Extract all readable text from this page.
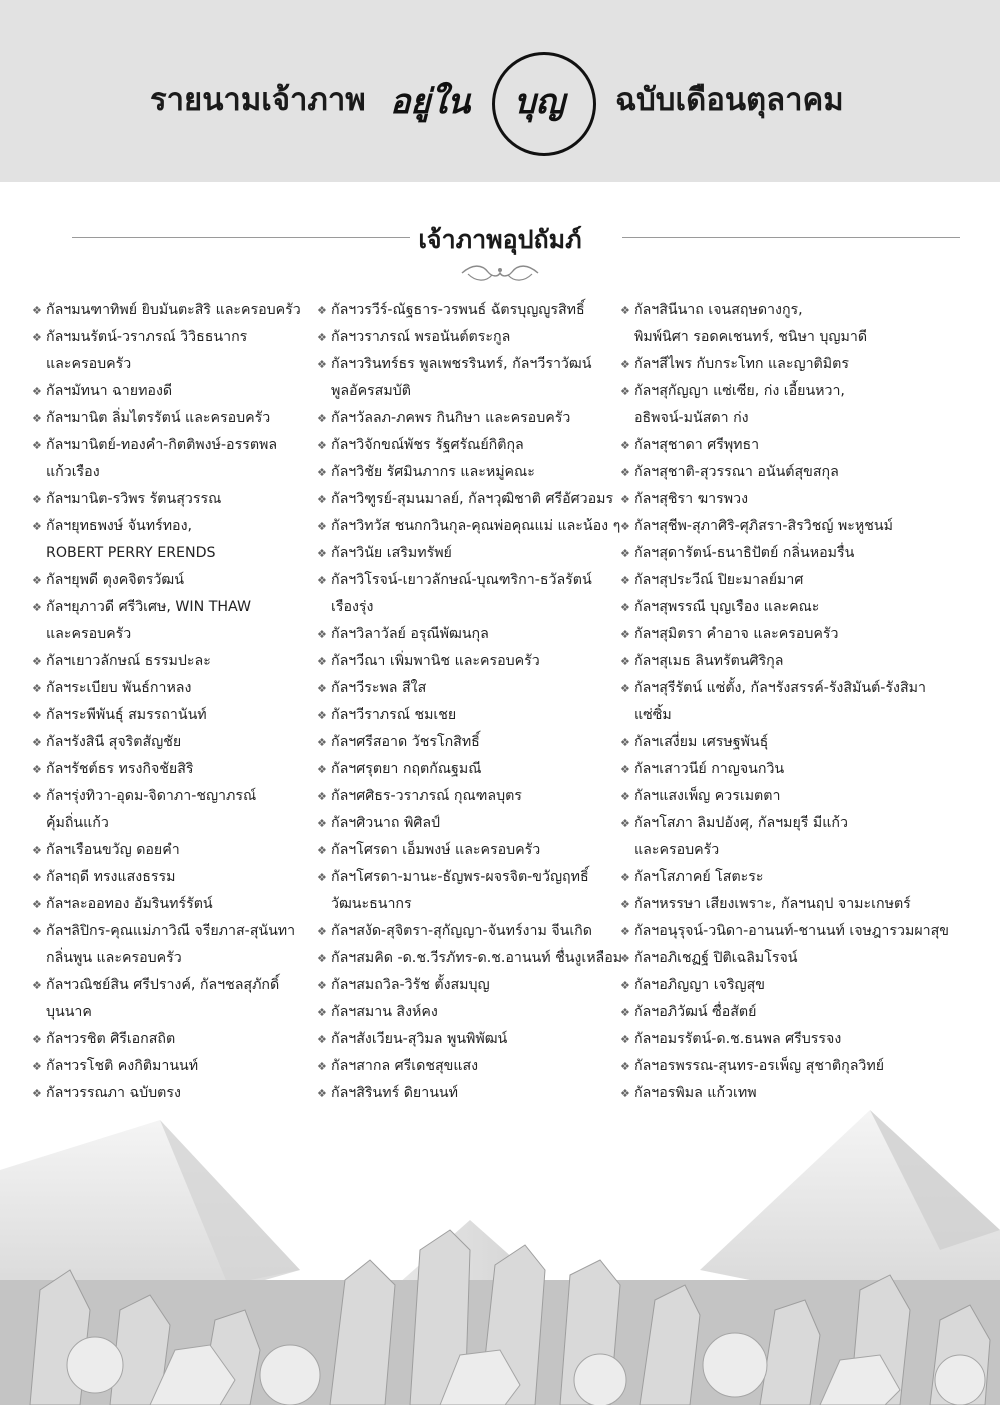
รายนามเจ้าภาพ อยู่ใน บุญ ฉบับเดือนตุลาคม
เจ้าภาพอุปถัมภ์
❖ กัลฯมนฑาทิพย์ ยิบมันตะสิริ และครอบครัว
❖ กัลฯมนรัตน์-วราภรณ์ วิวิธธนากร
และครอบครัว
❖ กัลฯมัทนา ฉายทองดี
❖ กัลฯมานิต ลิ่มไตรรัตน์ และครอบครัว
❖ กัลฯมานิตย์-ทองคำ-กิตติพงษ์-อรรตพล
แก้วเรือง
❖ กัลฯมานิต-รวิพร รัตนสุวรรณ
❖ กัลฯยุทธพงษ์ จันทร์ทอง,
ROBERT PERRY ERENDS
❖ กัลฯยุพดี ตุงคจิตรวัฒน์
❖ กัลฯยุภาวดี ศรีวิเศษ, WIN THAW
และครอบครัว
❖ กัลฯเยาวลักษณ์ ธรรมปะละ
❖ กัลฯระเบียบ พันธ์กาหลง
❖ กัลฯระพีพันธุ์ สมรรถานันท์
❖ กัลฯรังสินี สุจริตสัญชัย
❖ กัลฯรัชต์ธร ทรงกิจชัยสิริ
❖ กัลฯรุ่งทิวา-อุดม-จิดาภา-ชญาภรณ์
คุ้มถิ่นแก้ว
❖ กัลฯเรือนขวัญ ดอยคำ
❖ กัลฯฤดี ทรงแสงธรรม
❖ กัลฯละออทอง อัมรินทร์รัตน์
❖ กัลฯลิปิกร-คุณแม่ภาวิณี จรียภาส-สุนันทา
กลิ่นพูน และครอบครัว
❖ กัลฯวณิชย์สิน ศรีปรางค์, กัลฯชลสุภักดิ์
บุนนาค
❖ กัลฯวรชิต ศิรีเอกสถิต
❖ กัลฯวรโชติ คงกิติมานนท์
❖ กัลฯวรรณภา ฉบับตรง
❖ กัลฯวรวีร์-ณัฐธาร-วรพนธ์ ฉัตรบุญญูรสิทธิ์
❖ กัลฯวราภรณ์ พรอนันต์ตระกูล
❖ กัลฯวรินทร์ธร พูลเพชรรินทร์, กัลฯวีราวัฒน์
พูลอัครสมบัติ
❖ กัลฯวัลลภ-ภคพร กินกิษา และครอบครัว
❖ กัลฯวิจักขณ์พัชร รัฐศรัณย์กิติกุล
❖ กัลฯวิชัย รัศมินภากร และหมู่คณะ
❖ กัลฯวิฑูรย์-สุมนมาลย์, กัลฯวุฒิชาติ ศรีอัศวอมร
❖ กัลฯวิทวัส ชนกกวินกุล-คุณพ่อคุณแม่ และน้อง ๆ
❖ กัลฯวินัย เสริมทรัพย์
❖ กัลฯวิโรจน์-เยาวลักษณ์-บุณฑริกา-ธวัลรัตน์
เรืองรุ่ง
❖ กัลฯวิลาวัลย์ อรุณีพัฒนกุล
❖ กัลฯวีณา เพิ่มพานิช และครอบครัว
❖ กัลฯวีระพล สีใส
❖ กัลฯวีราภรณ์ ชมเชย
❖ กัลฯศรีสอาด วัชรโกสิทธิ์
❖ กัลฯศรุตยา กฤตกัณฐมณี
❖ กัลฯศศิธร-วราภรณ์ กุณฑลบุตร
❖ กัลฯศิวนาถ พิศิลป์
❖ กัลฯโศรดา เอ็มพงษ์ และครอบครัว
❖ กัลฯโศรดา-มานะ-ธัญพร-ผจรจิต-ขวัญฤทธิ์
วัฒนะธนากร
❖ กัลฯสงัด-สุจิตรา-สุกัญญา-จันทร์งาม จีนเกิด
❖ กัลฯสมคิด -ด.ช.วีรภัทร-ด.ช.อานนท์ ชื่นงูเหลือม
❖ กัลฯสมถวิล-วิรัช ตั้งสมบุญ
❖ กัลฯสมาน สิงห์คง
❖ กัลฯสังเวียน-สุวิมล พูนพิพัฒน์
❖ กัลฯสากล ศรีเดชสุขแสง
❖ กัลฯสิรินทร์ ดิยานนท์
❖ กัลฯสินีนาถ เจนสฤษดางกูร,
พิมพ์นิศา รอดคเชนทร์, ชนิษา บุญมาดี
❖ กัลฯสีไพร กับกระโทก และญาติมิตร
❖ กัลฯสุกัญญา แซ่เซีย, ก่ง เอี้ยนหวา,
อธิพจน์-มนัสดา ก่ง
❖ กัลฯสุชาดา ศรีพุทธา
❖ กัลฯสุชาติ-สุวรรณา อนันต์สุขสกุล
❖ กัลฯสุชิรา ฆารพวง
❖ กัลฯสุชีพ-สุภาศิริ-ศุภิสรา-สิรวิชญ์ พะหูชนม์
❖ กัลฯสุดารัตน์-ธนาธิปัตย์ กลิ่นหอมรื่น
❖ กัลฯสุประวีณ์ ปิยะมาลย์มาศ
❖ กัลฯสุพรรณี บุญเรือง และคณะ
❖ กัลฯสุมิตรา คำอาจ และครอบครัว
❖ กัลฯสุเมธ ลินทรัตนศิริกุล
❖ กัลฯสุรีรัตน์ แซ่ตั้ง, กัลฯรังสรรค์-รังสิมันต์-รังสิมา
แซ่ซิ้ม
❖ กัลฯเสงี่ยม เศรษฐพันธุ์
❖ กัลฯเสาวนีย์ กาญจนกวิน
❖ กัลฯแสงเพ็ญ ควรเมตตา
❖ กัลฯโสภา ลิมปอังศุ, กัลฯมยุรี มีแก้ว
และครอบครัว
❖ กัลฯโสภาคย์ โสตะระ
❖ กัลฯหรรษา เสียงเพราะ, กัลฯนฤป จามะเกษตร์
❖ กัลฯอนุรุจน์-วนิดา-อานนท์-ชานนท์ เจษฎารวมผาสุข
❖ กัลฯอภิเชฏฐ์ ปิติเฉลิมโรจน์
❖ กัลฯอภิญญา เจริญสุข
❖ กัลฯอภิวัฒน์ ซื่อสัตย์
❖ กัลฯอมรรัตน์-ด.ช.ธนพล ศรีบรรจง
❖ กัลฯอรพรรณ-สุนทร-อรเพ็ญ สุชาติกุลวิทย์
❖ กัลฯอรพิมล แก้วเทพ
